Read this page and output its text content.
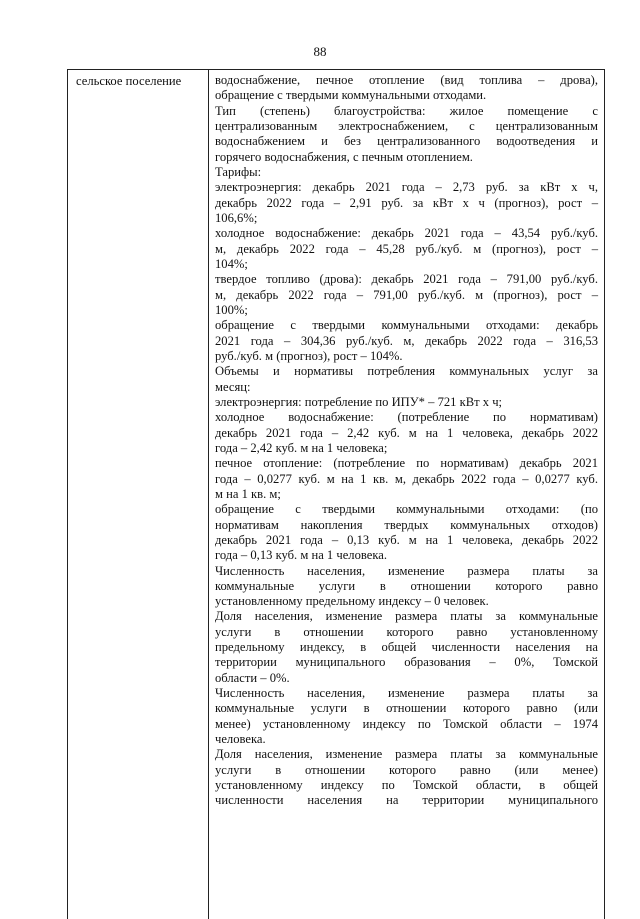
88
сельское поселение	водоснабжение, печное отопление (вид топлива – дрова),
обращение с твердыми коммунальными отходами.
Тип (степень) благоустройства: жилое помещение с
централизованным электроснабжением, с централизованным
водоснабжением и без централизованного водоотведения и
горячего водоснабжения, с печным отоплением.
Тарифы:
электроэнергия: декабрь 2021 года – 2,73 руб. за кВт х ч,
декабрь 2022 года – 2,91 руб. за кВт х ч (прогноз), рост –
106,6%;
холодное водоснабжение: декабрь 2021 года – 43,54 руб./куб.
м, декабрь 2022 года – 45,28 руб./куб. м (прогноз), рост –
104%;
твердое топливо (дрова): декабрь 2021 года – 791,00 руб./куб.
м, декабрь 2022 года – 791,00 руб./куб. м (прогноз), рост –
100%;
обращение с твердыми коммунальными отходами: декабрь
2021 года – 304,36 руб./куб. м, декабрь 2022 года – 316,53
руб./куб. м (прогноз), рост – 104%.
Объемы и нормативы потребления коммунальных услуг за
месяц:
электроэнергия: потребление по ИПУ* – 721 кВт х ч;
холодное водоснабжение: (потребление по нормативам)
декабрь 2021 года – 2,42 куб. м на 1 человека, декабрь 2022
года – 2,42 куб. м на 1 человека;
печное отопление: (потребление по нормативам) декабрь 2021
года – 0,0277 куб. м на 1 кв. м, декабрь 2022 года – 0,0277 куб.
м на 1 кв. м;
обращение с твердыми коммунальными отходами: (по
нормативам накопления твердых коммунальных отходов)
декабрь 2021 года – 0,13 куб. м на 1 человека, декабрь 2022
года – 0,13 куб. м на 1 человека.
Численность населения, изменение размера платы за
коммунальные услуги в отношении которого равно
установленному предельному индексу – 0 человек.
Доля населения, изменение размера платы за коммунальные
услуги в отношении которого равно установленному
предельному индексу, в общей численности населения на
территории муниципального образования – 0%, Томской
области – 0%.
Численность населения, изменение размера платы за
коммунальные услуги в отношении которого равно (или
менее) установленному индексу по Томской области – 1974
человека.
Доля населения, изменение размера платы за коммунальные
услуги в отношении которого равно (или менее)
установленному индексу по Томской области, в общей
численности населения на территории муниципального
